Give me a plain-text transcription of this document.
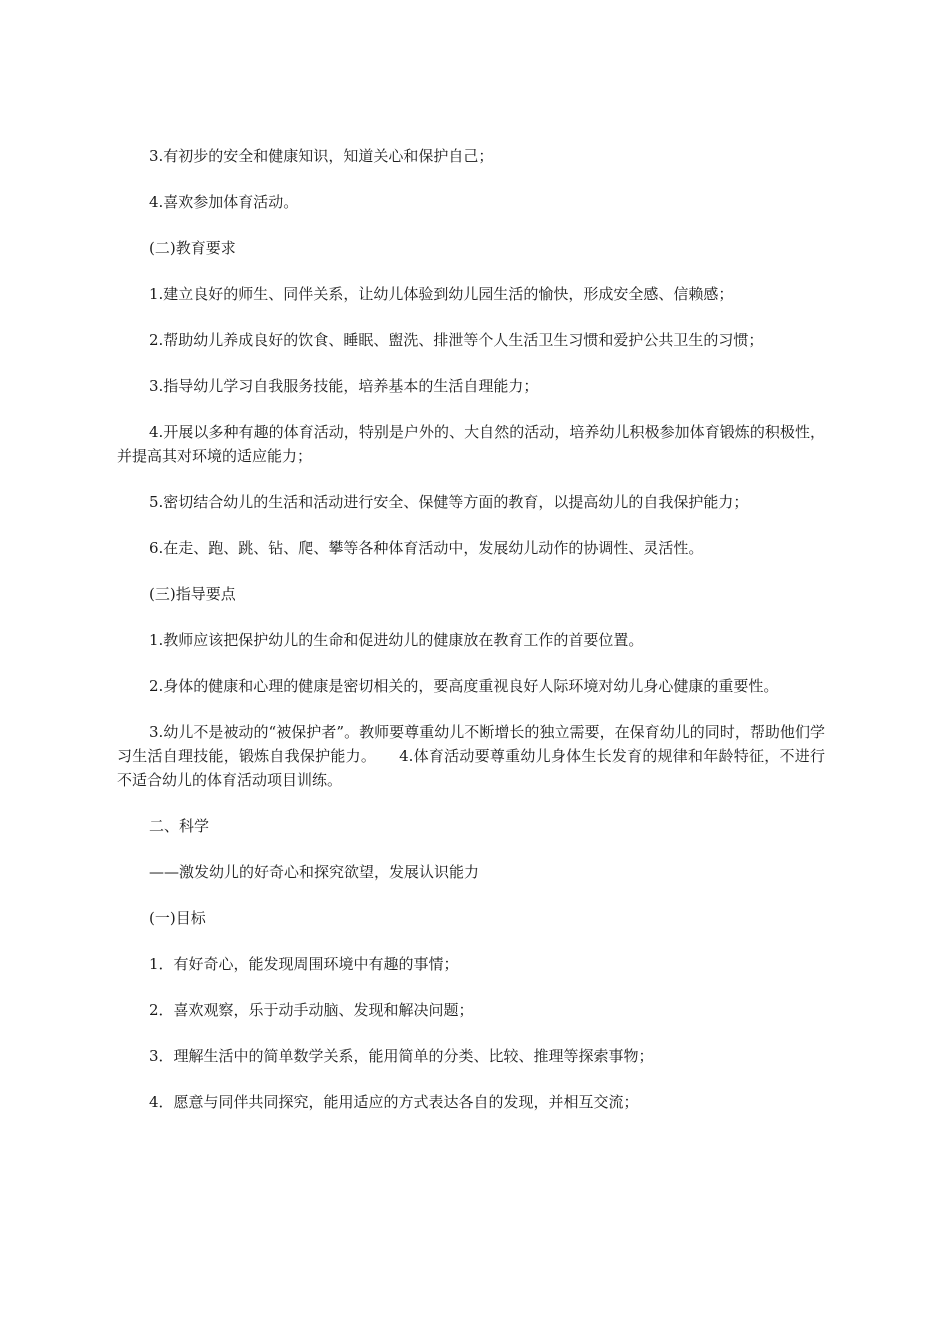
3.有初步的安全和健康知识，知道关心和保护自己；

4.喜欢参加体育活动。

(二)教育要求

1.建立良好的师生、同伴关系，让幼儿体验到幼儿园生活的愉快，形成安全感、信赖感；

2.帮助幼儿养成良好的饮食、睡眠、盥洗、排泄等个人生活卫生习惯和爱护公共卫生的习惯；

3.指导幼儿学习自我服务技能，培养基本的生活自理能力；

4.开展以多种有趣的体育活动，特别是户外的、大自然的活动，培养幼儿积极参加体育锻炼的积极性，并提高其对环境的适应能力；

5.密切结合幼儿的生活和活动进行安全、保健等方面的教育，以提高幼儿的自我保护能力；

6.在走、跑、跳、钻、爬、攀等各种体育活动中，发展幼儿动作的协调性、灵活性。

(三)指导要点

1.教师应该把保护幼儿的生命和促进幼儿的健康放在教育工作的首要位置。

2.身体的健康和心理的健康是密切相关的，要高度重视良好人际环境对幼儿身心健康的重要性。

3.幼儿不是被动的“被保护者”。教师要尊重幼儿不断增长的独立需要，在保育幼儿的同时，帮助他们学习生活自理技能，锻炼自我保护能力。　　4.体育活动要尊重幼儿身体生长发育的规律和年龄特征，不进行不适合幼儿的体育活动项目训练。

二、科学

——激发幼儿的好奇心和探究欲望，发展认识能力

(一)目标

1．有好奇心，能发现周围环境中有趣的事情；

2．喜欢观察，乐于动手动脑、发现和解决问题；

3．理解生活中的简单数学关系，能用简单的分类、比较、推理等探索事物；

4．愿意与同伴共同探究，能用适应的方式表达各自的发现，并相互交流；
